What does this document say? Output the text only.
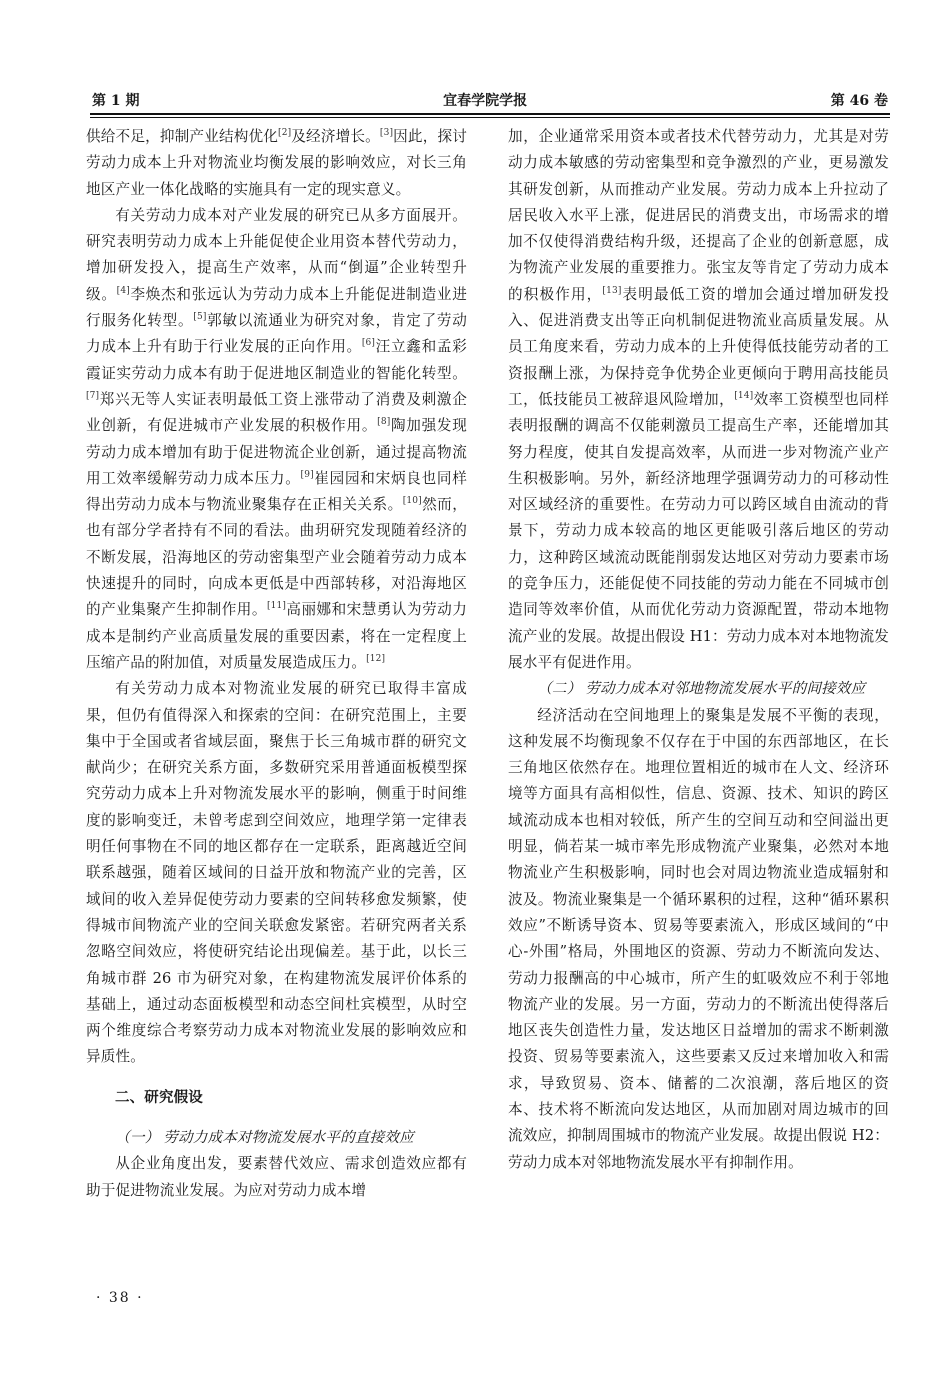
第 1 期	宜春学院学报	第 46 卷

供给不足，抑制产业结构优化[2]及经济增长。[3]因此，探讨劳动力成本上升对物流业均衡发展的影响效应，对长三角地区产业一体化战略的实施具有一定的现实意义。

有关劳动力成本对产业发展的研究已从多方面展开。研究表明劳动力成本上升能促使企业用资本替代劳动力，增加研发投入，提高生产效率，从而“倒逼”企业转型升级。[4]李焕杰和张远认为劳动力成本上升能促进制造业进行服务化转型。[5]郭敏以流通业为研究对象，肯定了劳动力成本上升有助于行业发展的正向作用。[6]汪立鑫和孟彩霞证实劳动力成本有助于促进地区制造业的智能化转型。[7]郑兴无等人实证表明最低工资上涨带动了消费及刺激企业创新，有促进城市产业发展的积极作用。[8]陶加强发现劳动力成本增加有助于促进物流企业创新，通过提高物流用工效率缓解劳动力成本压力。[9]崔园园和宋炳良也同样得出劳动力成本与物流业聚集存在正相关关系。[10]然而，也有部分学者持有不同的看法。曲玥研究发现随着经济的不断发展，沿海地区的劳动密集型产业会随着劳动力成本快速提升的同时，向成本更低是中西部转移，对沿海地区的产业集聚产生抑制作用。[11]高丽娜和宋慧勇认为劳动力成本是制约产业高质量发展的重要因素，将在一定程度上压缩产品的附加值，对质量发展造成压力。[12]

有关劳动力成本对物流业发展的研究已取得丰富成果，但仍有值得深入和探索的空间：在研究范围上，主要集中于全国或者省域层面，聚焦于长三角城市群的研究文献尚少；在研究关系方面，多数研究采用普通面板模型探究劳动力成本上升对物流发展水平的影响，侧重于时间维度的影响变迁，未曾考虑到空间效应，地理学第一定律表明任何事物在不同的地区都存在一定联系，距离越近空间联系越强，随着区域间的日益开放和物流产业的完善，区域间的收入差异促使劳动力要素的空间转移愈发频繁，使得城市间物流产业的空间关联愈发紧密。若研究两者关系忽略空间效应，将使研究结论出现偏差。基于此，以长三角城市群 26 市为研究对象，在构建物流发展评价体系的基础上，通过动态面板模型和动态空间杜宾模型，从时空两个维度综合考察劳动力成本对物流业发展的影响效应和异质性。

二、研究假设

（一） 劳动力成本对物流发展水平的直接效应

从企业角度出发，要素替代效应、需求创造效应都有助于促进物流业发展。为应对劳动力成本增

加，企业通常采用资本或者技术代替劳动力，尤其是对劳动力成本敏感的劳动密集型和竞争激烈的产业，更易激发其研发创新，从而推动产业发展。劳动力成本上升拉动了居民收入水平上涨，促进居民的消费支出，市场需求的增加不仅使得消费结构升级，还提高了企业的创新意愿，成为物流产业发展的重要推力。张宝友等肯定了劳动力成本的积极作用，[13]表明最低工资的增加会通过增加研发投入、促进消费支出等正向机制促进物流业高质量发展。从员工角度来看，劳动力成本的上升使得低技能劳动者的工资报酬上涨，为保持竞争优势企业更倾向于聘用高技能员工，低技能员工被辞退风险增加，[14]效率工资模型也同样表明报酬的调高不仅能刺激员工提高生产率，还能增加其努力程度，使其自发提高效率，从而进一步对物流产业产生积极影响。另外，新经济地理学强调劳动力的可移动性对区域经济的重要性。在劳动力可以跨区域自由流动的背景下，劳动力成本较高的地区更能吸引落后地区的劳动力，这种跨区域流动既能削弱发达地区对劳动力要素市场的竞争压力，还能促使不同技能的劳动力能在不同城市创造同等效率价值，从而优化劳动力资源配置，带动本地物流产业的发展。故提出假设 H1：劳动力成本对本地物流发展水平有促进作用。

（二） 劳动力成本对邻地物流发展水平的间接效应

经济活动在空间地理上的聚集是发展不平衡的表现，这种发展不均衡现象不仅存在于中国的东西部地区，在长三角地区依然存在。地理位置相近的城市在人文、经济环境等方面具有高相似性，信息、资源、技术、知识的跨区域流动成本也相对较低，所产生的空间互动和空间溢出更明显，倘若某一城市率先形成物流产业聚集，必然对本地物流业产生积极影响，同时也会对周边物流业造成辐射和波及。物流业聚集是一个循环累积的过程，这种“循环累积效应”不断诱导资本、贸易等要素流入，形成区域间的“中心-外围”格局，外围地区的资源、劳动力不断流向发达、劳动力报酬高的中心城市，所产生的虹吸效应不利于邻地物流产业的发展。另一方面，劳动力的不断流出使得落后地区丧失创造性力量，发达地区日益增加的需求不断刺激投资、贸易等要素流入，这些要素又反过来增加收入和需求，导致贸易、资本、储蓄的二次浪潮，落后地区的资本、技术将不断流向发达地区，从而加剧对周边城市的回流效应，抑制周围城市的物流产业发展。故提出假说 H2：劳动力成本对邻地物流发展水平有抑制作用。

· 38 ·
